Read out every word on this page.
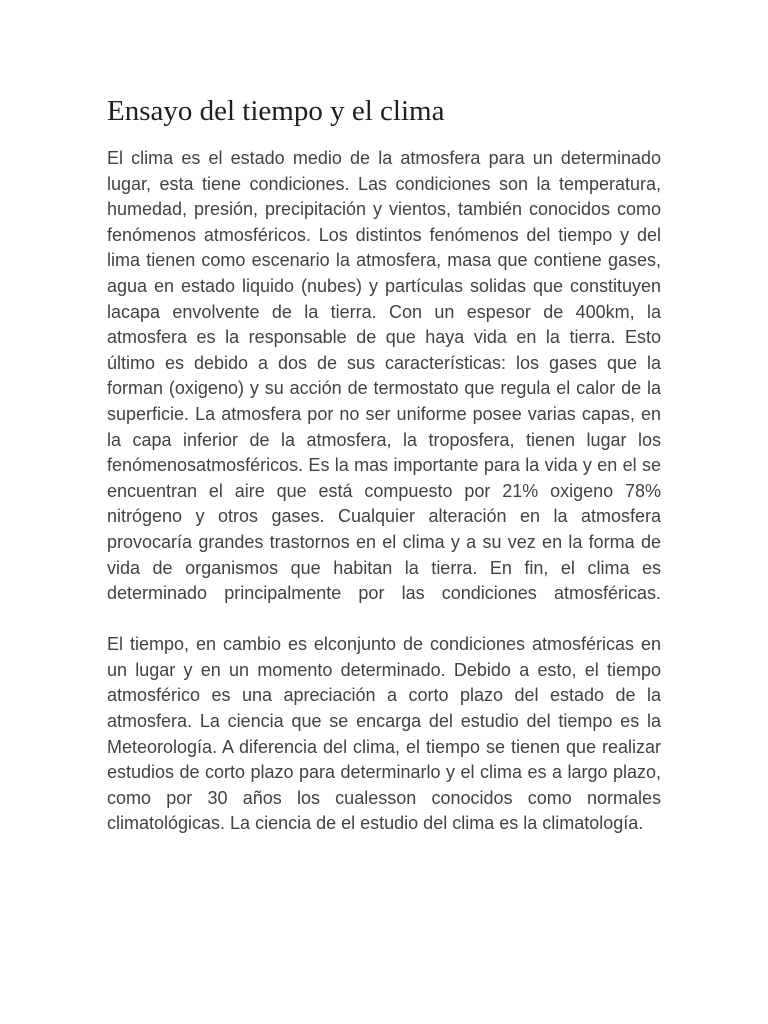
Ensayo del tiempo y el clima

El clima es el estado medio de la atmosfera para un determinado lugar, esta tiene condiciones. Las condiciones son la temperatura, humedad, presión, precipitación y vientos, también conocidos como fenómenos atmosféricos. Los distintos fenómenos del tiempo y del lima tienen como escenario la atmosfera, masa que contiene gases, agua en estado liquido (nubes) y partículas solidas que constituyen lacapa envolvente de la tierra. Con un espesor de 400km, la atmosfera es la responsable de que haya vida en la tierra. Esto último es debido a dos de sus características: los gases que la forman (oxigeno) y su acción de termostato que regula el calor de la superficie. La atmosfera por no ser uniforme posee varias capas, en la capa inferior de la atmosfera, la troposfera, tienen lugar los fenómenosatmosféricos. Es la mas importante para la vida y en el se encuentran el aire que está compuesto por 21% oxigeno 78% nitrógeno y otros gases. Cualquier alteración en la atmosfera provocaría grandes trastornos en el clima y a su vez en la forma de vida de organismos que habitan la tierra. En fin, el clima es determinado principalmente por las condiciones atmosféricas.

El tiempo, en cambio es elconjunto de condiciones atmosféricas en un lugar y en un momento determinado. Debido a esto, el tiempo atmosférico es una apreciación a corto plazo del estado de la atmosfera. La ciencia que se encarga del estudio del tiempo es la Meteorología. A diferencia del clima, el tiempo se tienen que realizar estudios de corto plazo para determinarlo y el clima es a largo plazo, como por 30 años los cualesson conocidos como normales climatológicas. La ciencia de el estudio del clima es la climatología.
